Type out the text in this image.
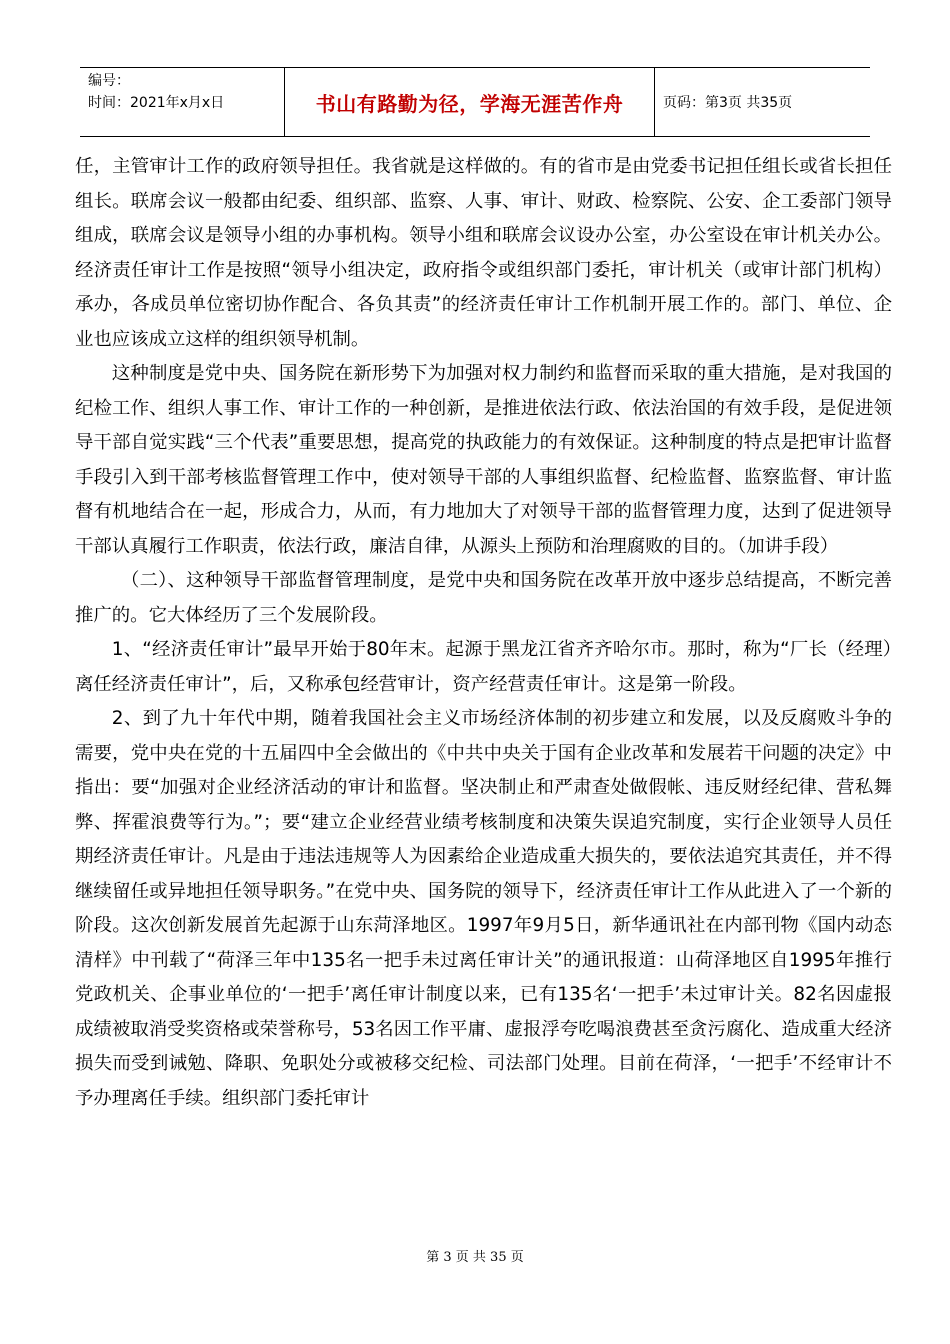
编号：
时间：2021年x月x日	书山有路勤为径，学海无涯苦作舟	页码：第3页 共35页

任，主管审计工作的政府领导担任。我省就是这样做的。有的省市是由党委书记担任组长或省长担任组长。联席会议一般都由纪委、组织部、监察、人事、审计、财政、检察院、公安、企工委部门领导组成，联席会议是领导小组的办事机构。领导小组和联席会议设办公室，办公室设在审计机关办公。经济责任审计工作是按照“领导小组决定，政府指令或组织部门委托，审计机关（或审计部门机构）承办，各成员单位密切协作配合、各负其责”的经济责任审计工作机制开展工作的。部门、单位、企业也应该成立这样的组织领导机制。

这种制度是党中央、国务院在新形势下为加强对权力制约和监督而采取的重大措施，是对我国的纪检工作、组织人事工作、审计工作的一种创新，是推进依法行政、依法治国的有效手段，是促进领导干部自觉实践“三个代表”重要思想，提高党的执政能力的有效保证。这种制度的特点是把审计监督手段引入到干部考核监督管理工作中，使对领导干部的人事组织监督、纪检监督、监察监督、审计监督有机地结合在一起，形成合力，从而，有力地加大了对领导干部的监督管理力度，达到了促进领导干部认真履行工作职责，依法行政，廉洁自律，从源头上预防和治理腐败的目的。（加讲手段）

（二）、这种领导干部监督管理制度，是党中央和国务院在改革开放中逐步总结提高，不断完善推广的。它大体经历了三个发展阶段。

1、“经济责任审计”最早开始于80年末。起源于黑龙江省齐齐哈尔市。那时，称为“厂长（经理）离任经济责任审计”，后，又称承包经营审计，资产经营责任审计。这是第一阶段。

2、到了九十年代中期，随着我国社会主义市场经济体制的初步建立和发展，以及反腐败斗争的需要，党中央在党的十五届四中全会做出的《中共中央关于国有企业改革和发展若干问题的决定》中指出：要“加强对企业经济活动的审计和监督。坚决制止和严肃查处做假帐、违反财经纪律、营私舞弊、挥霍浪费等行为。”；要“建立企业经营业绩考核制度和决策失误追究制度，实行企业领导人员任期经济责任审计。凡是由于违法违规等人为因素给企业造成重大损失的，要依法追究其责任，并不得继续留任或异地担任领导职务。”在党中央、国务院的领导下，经济责任审计工作从此进入了一个新的阶段。这次创新发展首先起源于山东菏泽地区。1997年9月5日，新华通讯社在内部刊物《国内动态清样》中刊载了“荷泽三年中135名一把手未过离任审计关”的通讯报道：山荷泽地区自1995年推行党政机关、企事业单位的‘一把手’离任审计制度以来，已有135名‘一把手’未过审计关。82名因虚报成绩被取消受奖资格或荣誉称号，53名因工作平庸、虚报浮夸吃喝浪费甚至贪污腐化、造成重大经济损失而受到诫勉、降职、免职处分或被移交纪检、司法部门处理。目前在荷泽，‘一把手’不经审计不予办理离任手续。组织部门委托审计

第 3 页 共 35 页
